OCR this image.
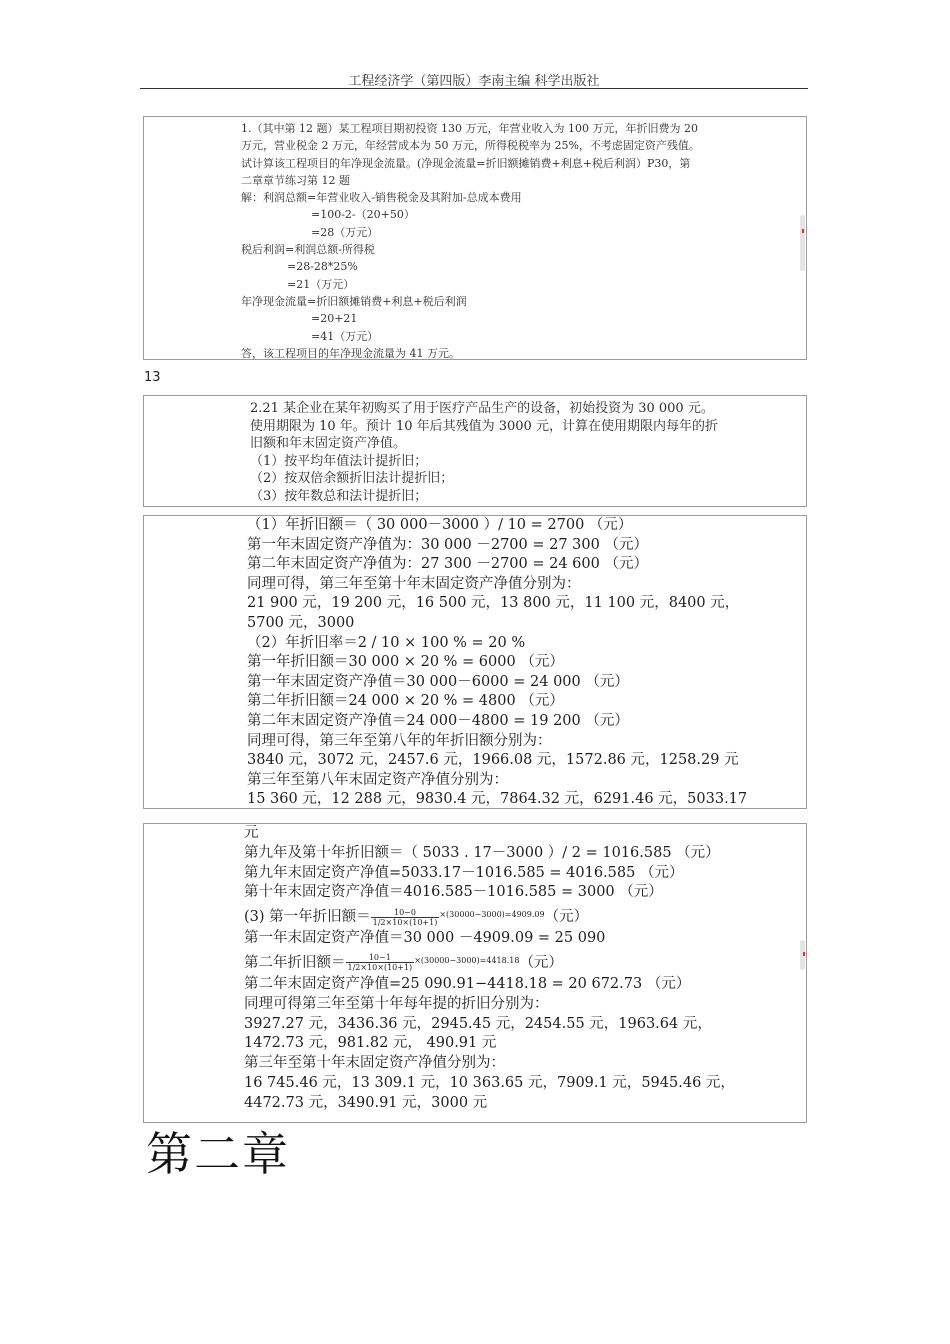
工程经济学（第四版）李南主编 科学出版社
1.（其中第 12 题）某工程项目期初投资 130 万元，年营业收入为 100 万元，年折旧费为 20
万元，营业税金 2 万元，年经营成本为 50 万元，所得税税率为 25%，不考虑固定资产残值。
试计算该工程项目的年净现金流量。(净现金流量=折旧额摊销费+利息+税后利润）P30，第
二章章节练习第 12 题
解：利润总额=年营业收入-销售税金及其附加-总成本费用
=100-2-（20+50）
=28（万元）
税后利润=利润总额-所得税
=28-28*25%
=21（万元）
年净现金流量=折旧额摊销费+利息+税后利润
=20+21
=41（万元）
答，该工程项目的年净现金流量为 41 万元。
13
2.21 某企业在某年初购买了用于医疗产品生产的设备，初始投资为 30 000 元。
使用期限为 10 年。预计 10 年后其残值为 3000 元，计算在使用期限内每年的折
旧额和年末固定资产净值。
（1）按平均年值法计提折旧；
（2）按双倍余额折旧法计提折旧；
（3）按年数总和法计提折旧；
（1）年折旧额＝（ 30 000－3000 ）/ 10 = 2700 （元）
第一年末固定资产净值为：30 000 －2700 = 27 300 （元）
第二年末固定资产净值为：27 300 －2700 = 24 600 （元）
同理可得，第三年至第十年末固定资产净值分别为：
21 900 元，19 200 元，16 500 元，13 800 元，11 100 元，8400 元，
5700 元，3000
（2）年折旧率＝2 / 10 × 100 % = 20 %
第一年折旧额＝30 000 × 20 % = 6000 （元）
第一年末固定资产净值＝30 000－6000 = 24 000 （元）
第二年折旧额＝24 000 × 20 % = 4800 （元）
第二年末固定资产净值＝24 000－4800 = 19 200 （元）
同理可得，第三年至第八年的年折旧额分别为：
3840 元，3072 元，2457.6 元，1966.08 元，1572.86 元，1258.29 元
第三年至第八年末固定资产净值分别为：
15 360 元，12 288 元，9830.4 元，7864.32 元，6291.46 元，5033.17
元
第九年及第十年折旧额＝（ 5033 . 17－3000 ）/ 2 = 1016.585 （元）
第九年末固定资产净值=5033.17－1016.585 = 4016.585 （元）
第十年末固定资产净值＝4016.585－1016.585 = 3000 （元）
(3) 第一年折旧额＝ $\frac{10-0}{1/2\times 10\times(10+1)} ^{\times(30000-3000)=4909.09}$（元）
第一年末固定资产净值＝30 000 －4909.09 = 25 090
第二年折旧额＝ $\frac{10-1}{1/2\times 10\times(10+1)} ^{\times(30000-3000)=4418.18}$（元）
第二年末固定资产净值=25 090.91−4418.18 = 20 672.73 （元）
同理可得第三年至第十年每年提的折旧分别为：
3927.27 元，3436.36 元，2945.45 元，2454.55 元，1963.64 元，
1472.73 元，981.82 元， 490.91 元
第三年至第十年末固定资产净值分别为：
16 745.46 元，13 309.1 元，10 363.65 元，7909.1 元，5945.46 元，
4472.73 元，3490.91 元，3000 元
第二章
